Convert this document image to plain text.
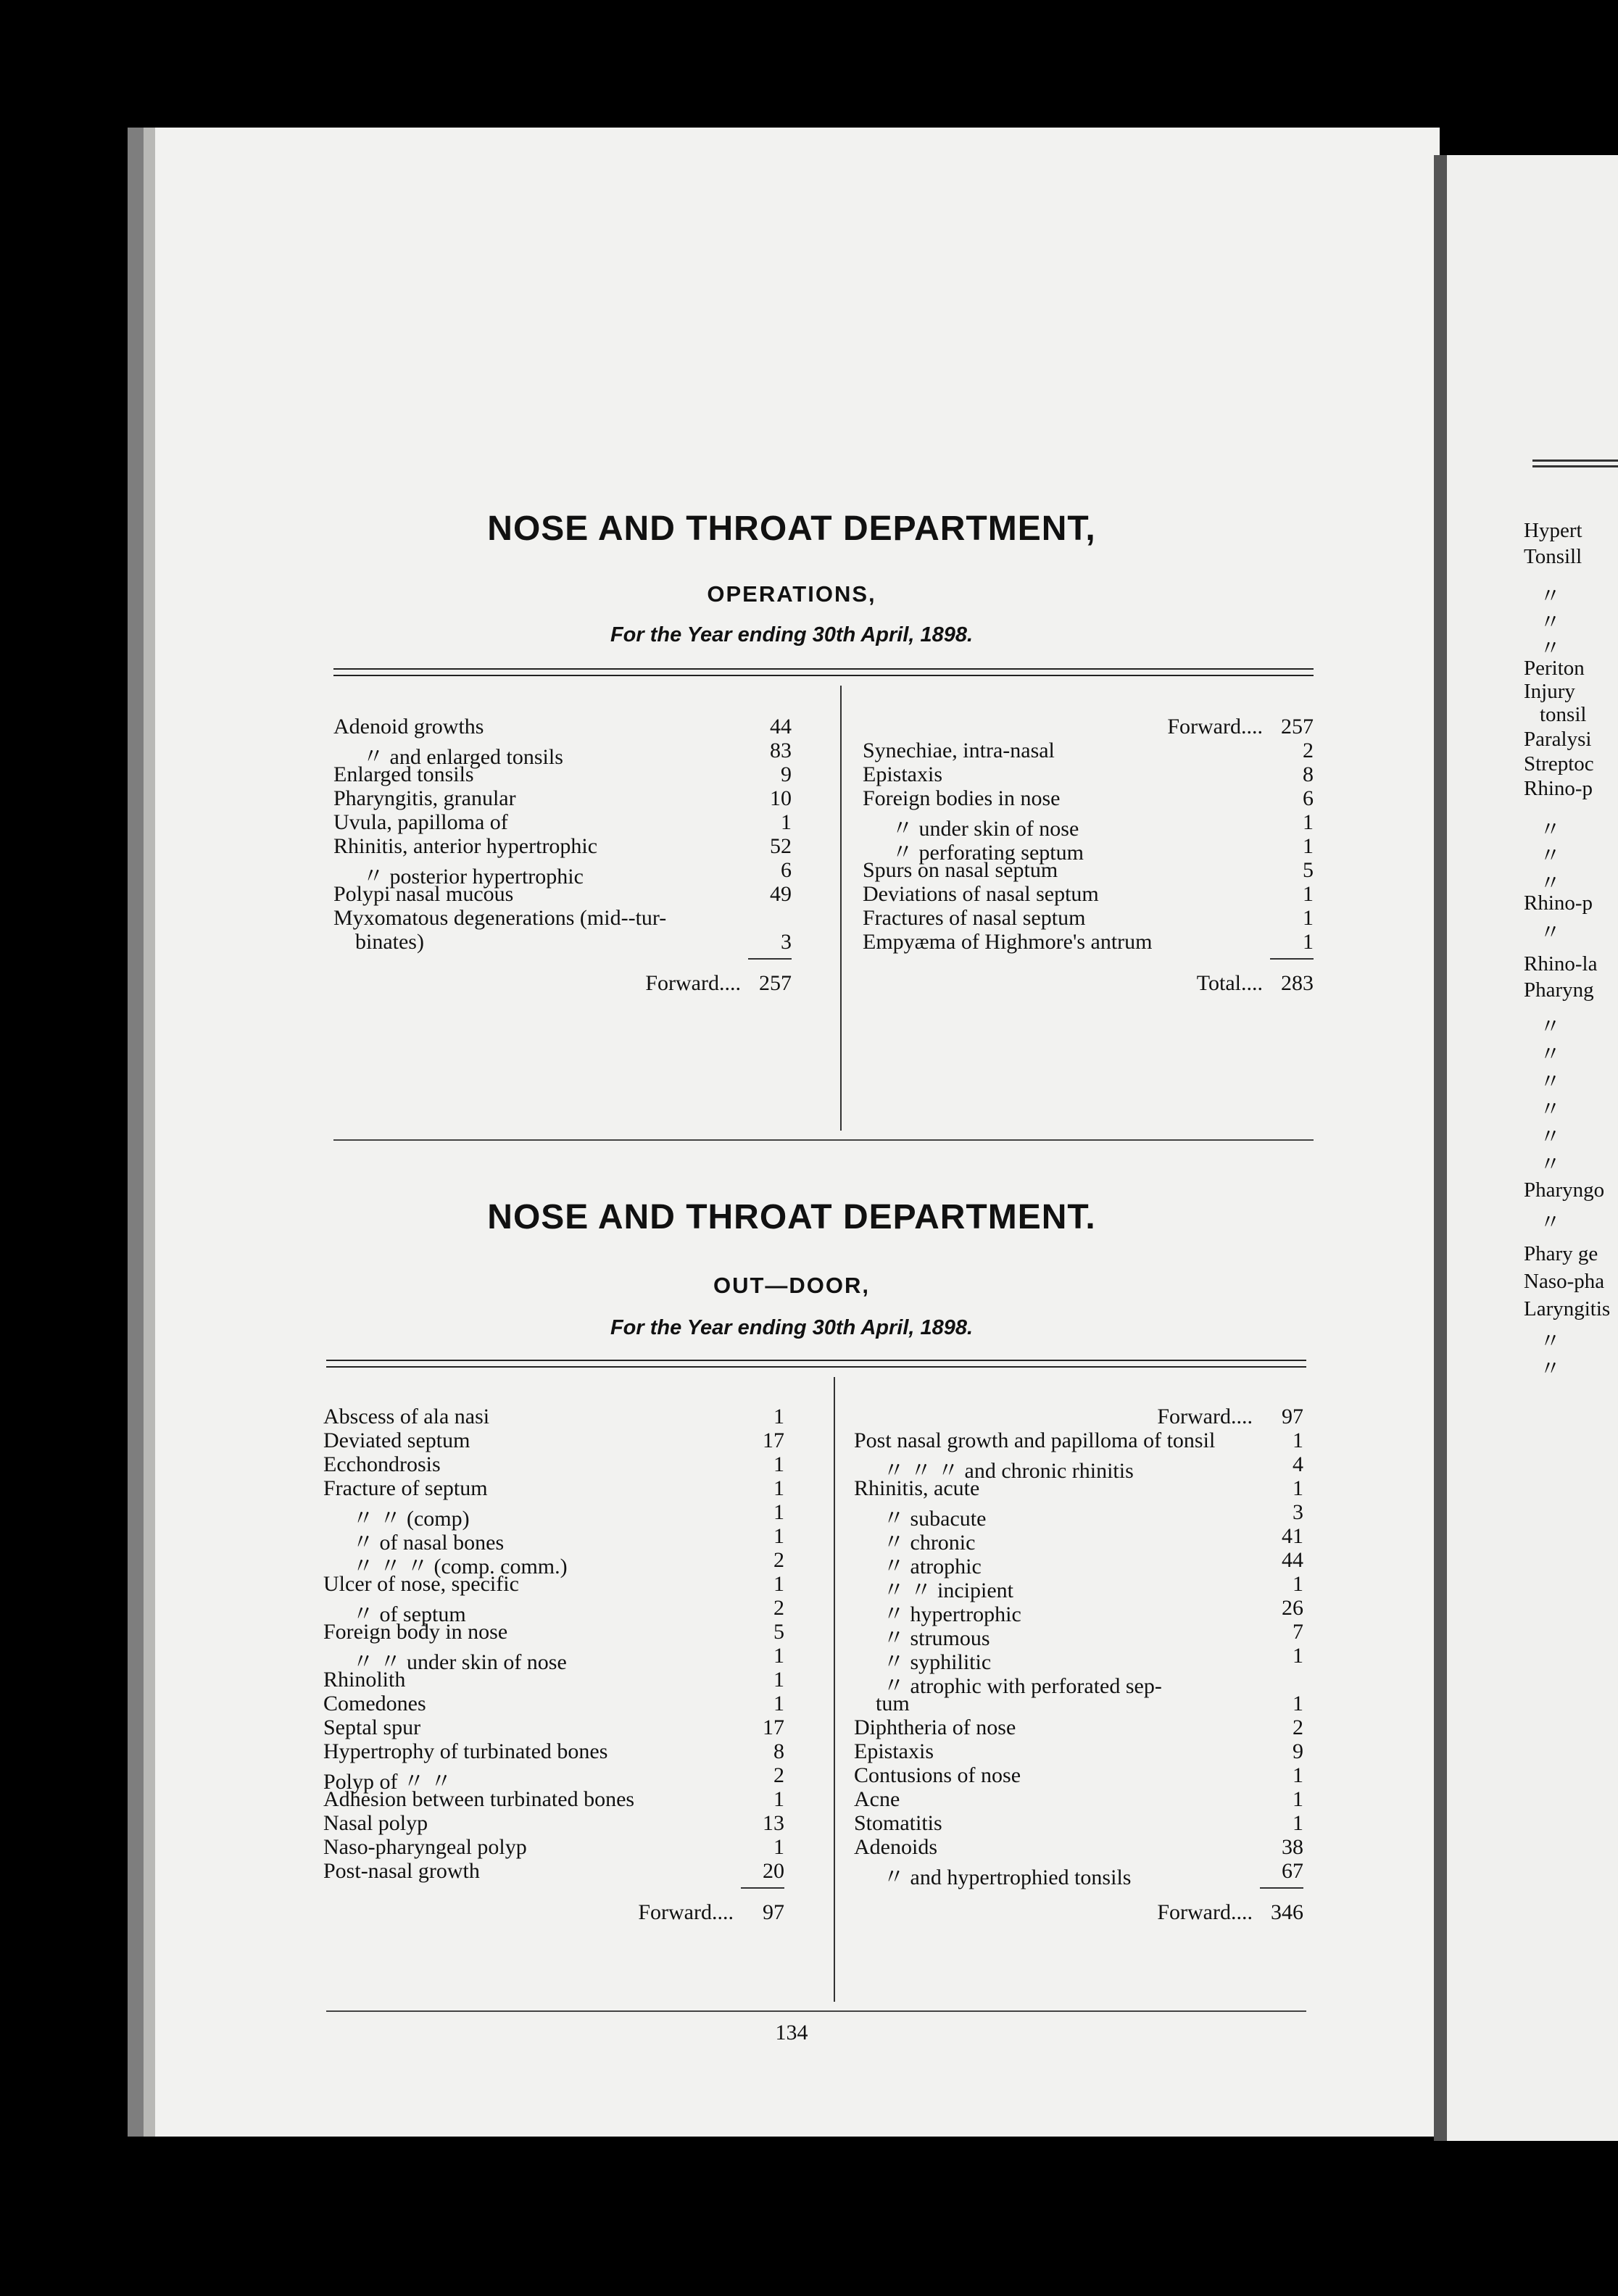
NOSE AND THROAT DEPARTMENT,
OPERATIONS,
For the Year ending 30th April, 1898.
Adenoid growths	44
〃 and enlarged tonsils	83
Enlarged tonsils	9
Pharyngitis, granular	10
Uvula, papilloma of	1
Rhinitis, anterior hypertrophic	52
〃 posterior hypertrophic	6
Polypi nasal mucous	49
Myxomatous degenerations (mid--tur-
binates)	3
Forward.... 257
Forward.... 257
Synechiae, intra-nasal	2
Epistaxis	8
Foreign bodies in nose	6
〃 under skin of nose	1
〃 perforating septum	1
Spurs on nasal septum	5
Deviations of nasal septum	1
Fractures of nasal septum	1
Empyæma of Highmore's antrum	1
Total.... 283
NOSE AND THROAT DEPARTMENT.
OUT—DOOR,
For the Year ending 30th April, 1898.
Abscess of ala nasi	1
Deviated septum	17
Ecchondrosis	1
Fracture of septum	1
〃 〃 (comp)	1
〃 of nasal bones	1
〃 〃 〃 (comp. comm.)	2
Ulcer of nose, specific	1
〃 of septum	2
Foreign body in nose	5
〃 〃 under skin of nose	1
Rhinolith	1
Comedones	1
Septal spur	17
Hypertrophy of turbinated bones	8
Polyp of 〃 〃	2
Adhesion between turbinated bones	1
Nasal polyp	13
Naso-pharyngeal polyp	1
Post-nasal growth	20
Forward.... 97
Forward.... 97
Post nasal growth and papilloma of tonsil	1
〃 〃 〃 and chronic rhinitis	4
Rhinitis, acute	1
〃 subacute	3
〃 chronic	41
〃 atrophic	44
〃 〃 incipient	1
〃 hypertrophic	26
〃 strumous	7
〃 syphilitic	1
〃 atrophic with perforated sep-
tum	1
Diphtheria of nose	2
Epistaxis	9
Contusions of nose	1
Acne	1
Stomatitis	1
Adenoids	38
〃 and hypertrophied tonsils	67
Forward.... 346
134
Hypert
Tonsill
〃
〃
〃
Periton
Injury
tonsil
Paralysi
Streptoc
Rhino-p
〃
〃
〃
Rhino-p
〃
Rhino-la
Pharyng
〃
〃
〃
〃
〃
〃
Pharyngo
〃
Phary ge
Naso-pha
Laryngitis
〃
〃
